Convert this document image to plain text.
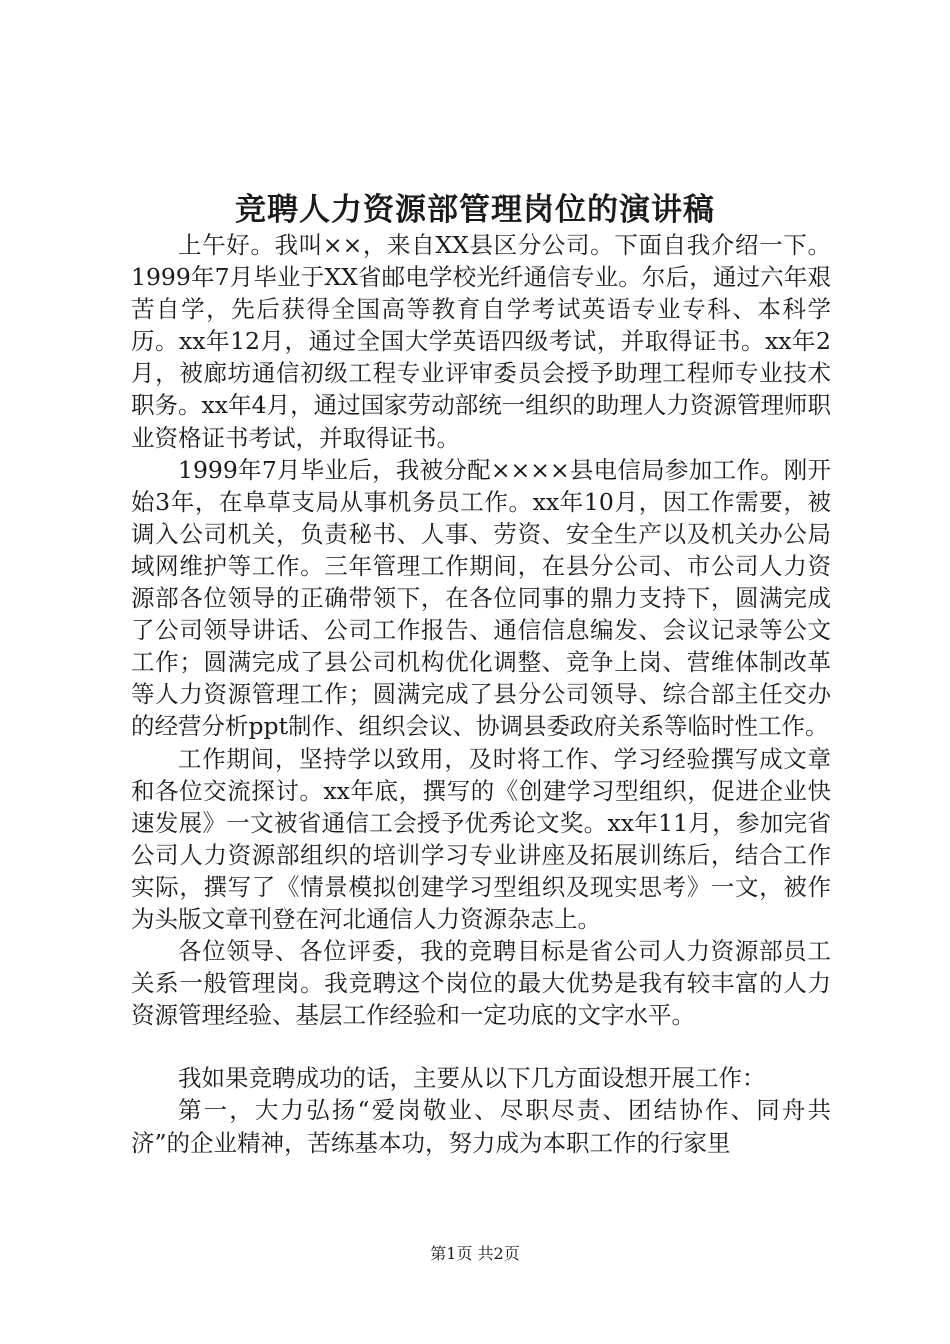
竞聘人力资源部管理岗位的演讲稿

上午好。我叫××，来自XX县区分公司。下面自我介绍一下。1999年7月毕业于XX省邮电学校光纤通信专业。尔后，通过六年艰苦自学，先后获得全国高等教育自学考试英语专业专科、本科学历。xx年12月，通过全国大学英语四级考试，并取得证书。xx年2月，被廊坊通信初级工程专业评审委员会授予助理工程师专业技术职务。xx年4月，通过国家劳动部统一组织的助理人力资源管理师职业资格证书考试，并取得证书。

1999年7月毕业后，我被分配××××县电信局参加工作。刚开始3年，在阜草支局从事机务员工作。xx年10月，因工作需要，被调入公司机关，负责秘书、人事、劳资、安全生产以及机关办公局域网维护等工作。三年管理工作期间，在县分公司、市公司人力资源部各位领导的正确带领下，在各位同事的鼎力支持下，圆满完成了公司领导讲话、公司工作报告、通信信息编发、会议记录等公文工作；圆满完成了县公司机构优化调整、竞争上岗、营维体制改革等人力资源管理工作；圆满完成了县分公司领导、综合部主任交办的经营分析ppt制作、组织会议、协调县委政府关系等临时性工作。

工作期间，坚持学以致用，及时将工作、学习经验撰写成文章和各位交流探讨。xx年底，撰写的《创建学习型组织，促进企业快速发展》一文被省通信工会授予优秀论文奖。xx年11月，参加完省公司人力资源部组织的培训学习专业讲座及拓展训练后，结合工作实际，撰写了《情景模拟创建学习型组织及现实思考》一文，被作为头版文章刊登在河北通信人力资源杂志上。

各位领导、各位评委，我的竞聘目标是省公司人力资源部员工关系一般管理岗。我竞聘这个岗位的最大优势是我有较丰富的人力资源管理经验、基层工作经验和一定功底的文字水平。

我如果竞聘成功的话，主要从以下几方面设想开展工作：

第一，大力弘扬“爱岗敬业、尽职尽责、团结协作、同舟共济”的企业精神，苦练基本功，努力成为本职工作的行家里

第1页 共2页
